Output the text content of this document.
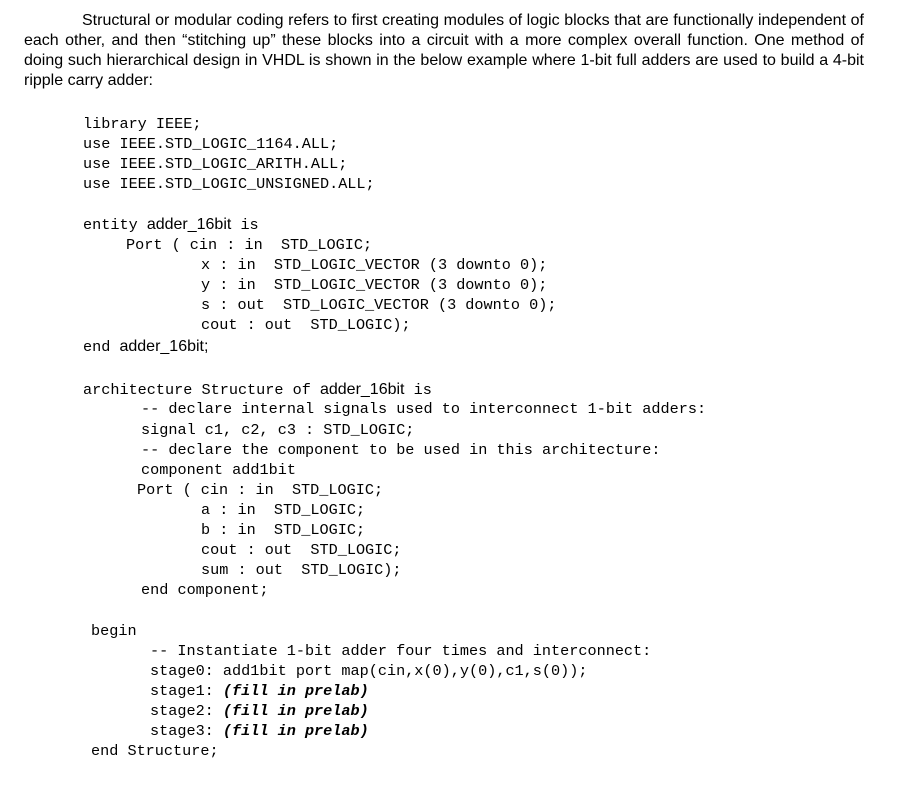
Structural or modular coding refers to first creating modules of logic blocks that are functionally independent of each other, and then “stitching up” these blocks into a circuit with a more complex overall function. One method of doing such hierarchical design in VHDL is shown in the below example where 1-bit full adders are used to build a 4-bit ripple carry adder:

library IEEE;
use IEEE.STD_LOGIC_1164.ALL;
use IEEE.STD_LOGIC_ARITH.ALL;
use IEEE.STD_LOGIC_UNSIGNED.ALL;
entity adder_16bit is
Port ( cin : in  STD_LOGIC;
x : in  STD_LOGIC_VECTOR (3 downto 0);
y : in  STD_LOGIC_VECTOR (3 downto 0);
s : out  STD_LOGIC_VECTOR (3 downto 0);
cout : out  STD_LOGIC);
end adder_16bit;
architecture Structure of adder_16bit is
-- declare internal signals used to interconnect 1-bit adders:
signal c1, c2, c3 : STD_LOGIC;
-- declare the component to be used in this architecture:
component add1bit
Port ( cin : in  STD_LOGIC;
a : in  STD_LOGIC;
b : in  STD_LOGIC;
cout : out  STD_LOGIC;
sum : out  STD_LOGIC);
end component;
begin
-- Instantiate 1-bit adder four times and interconnect:
stage0: add1bit port map(cin,x(0),y(0),c1,s(0));
stage1: (fill in prelab)
stage2: (fill in prelab)
stage3: (fill in prelab)
end Structure;
